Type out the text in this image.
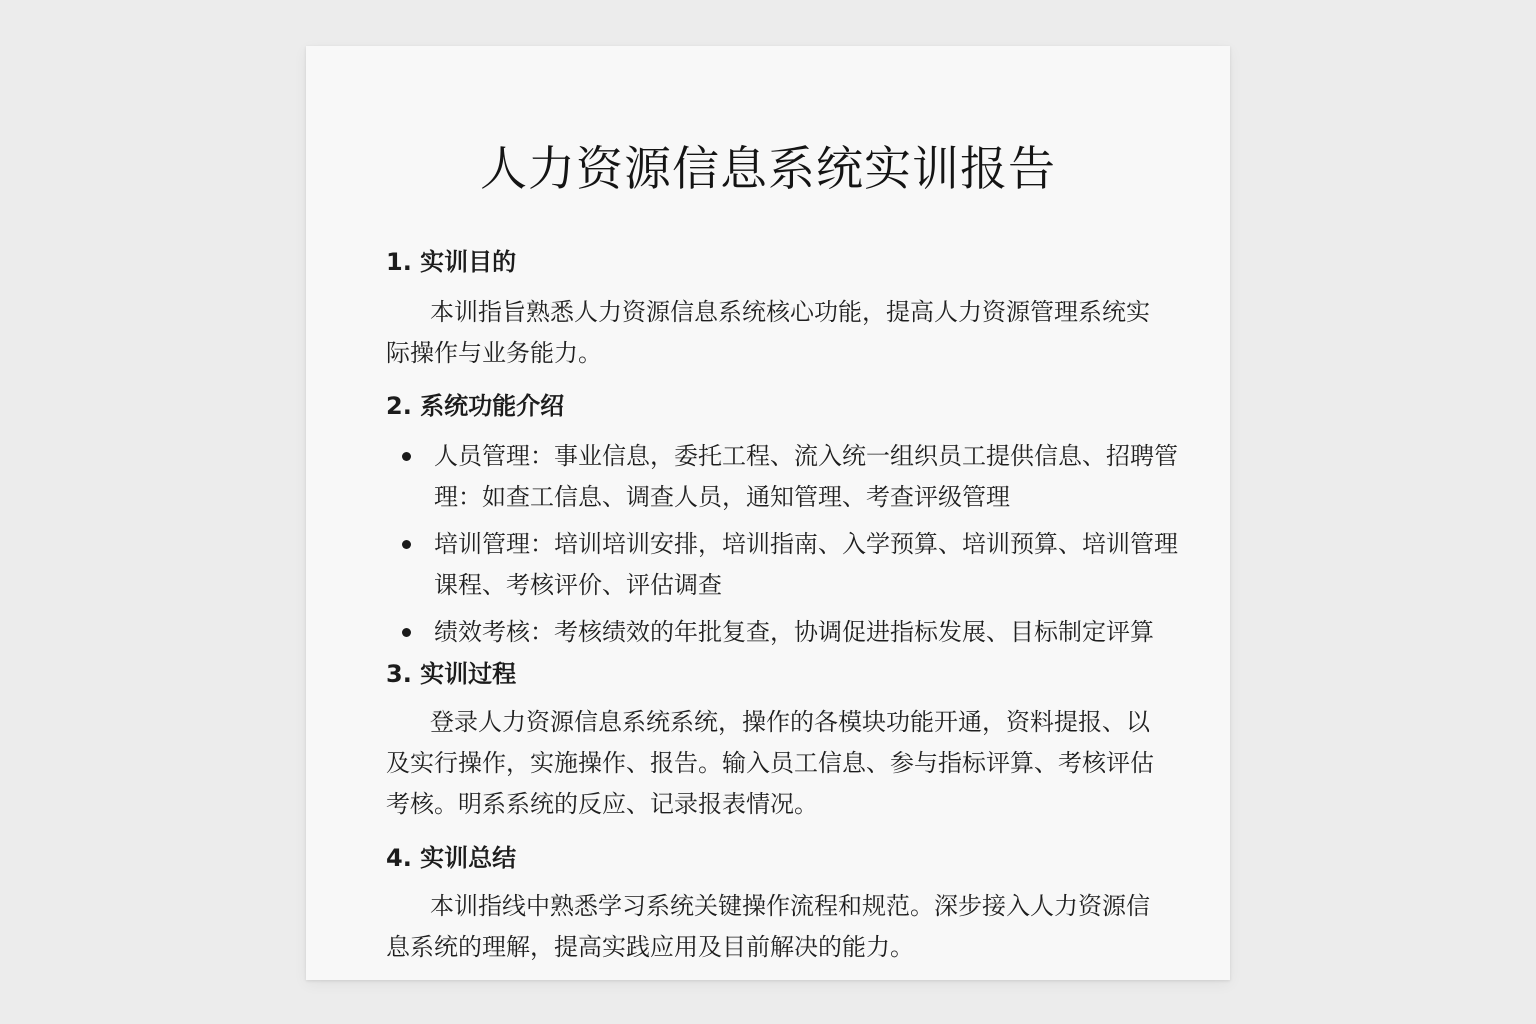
人力资源信息系统实训报告
1. 实训目的

本训指旨熟悉人力资源信息系统核心功能，提高人力资源管理系统实际操作与业务能力。

2. 系统功能介绍
人员管理：事业信息，委托工程、流入统一组织员工提供信息、招聘管理：如查工信息、调查人员，通知管理、考查评级管理
培训管理：培训培训安排，培训指南、入学预算、培训预算、培训管理课程、考核评价、评估调查
绩效考核：考核绩效的年批复查，协调促进指标发展、目标制定评算
3. 实训过程

登录人力资源信息系统系统，操作的各模块功能开通，资料提报、以及实行操作，实施操作、报告。输入员工信息、参与指标评算、考核评估考核。明系系统的反应、记录报表情况。

4. 实训总结

本训指线中熟悉学习系统关键操作流程和规范。深步接入人力资源信息系统的理解，提高实践应用及目前解决的能力。
